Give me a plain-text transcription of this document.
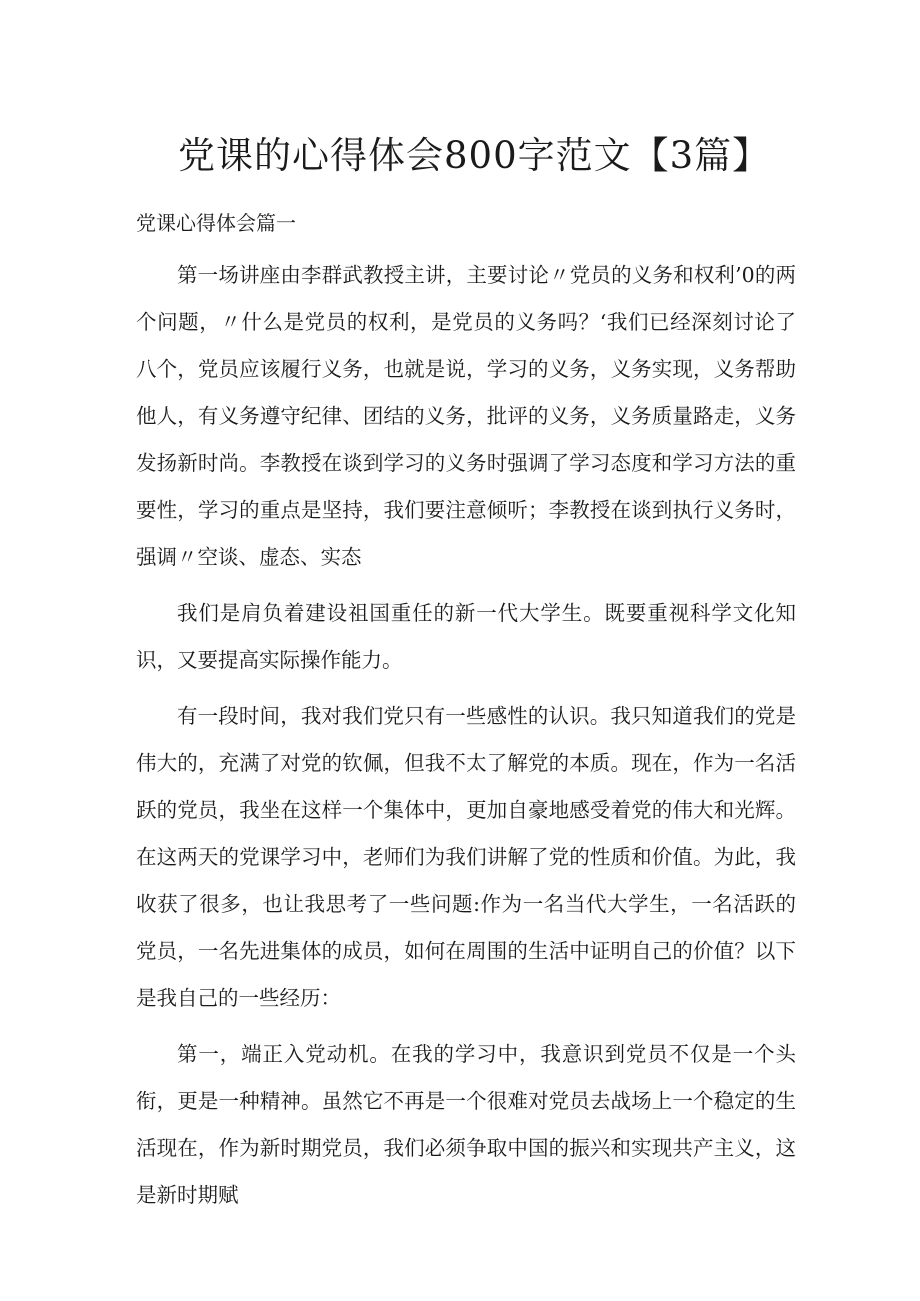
党课的心得体会800字范文【3篇】
党课心得体会篇一

第一场讲座由李群武教授主讲，主要讨论〃党员的义务和权利’0的两个问题，〃什么是党员的权利，是党员的义务吗？‘我们已经深刻讨论了八个，党员应该履行义务，也就是说，学习的义务，义务实现，义务帮助他人，有义务遵守纪律、团结的义务，批评的义务，义务质量路走，义务发扬新时尚。李教授在谈到学习的义务时强调了学习态度和学习方法的重要性，学习的重点是坚持，我们要注意倾听；李教授在谈到执行义务时，强调〃空谈、虚态、实态

我们是肩负着建设祖国重任的新一代大学生。既要重视科学文化知识，又要提高实际操作能力。

有一段时间，我对我们党只有一些感性的认识。我只知道我们的党是伟大的，充满了对党的钦佩，但我不太了解党的本质。现在，作为一名活跃的党员，我坐在这样一个集体中，更加自豪地感受着党的伟大和光辉。在这两天的党课学习中，老师们为我们讲解了党的性质和价值。为此，我收获了很多，也让我思考了一些问题:作为一名当代大学生，一名活跃的党员，一名先进集体的成员，如何在周围的生活中证明自己的价值？以下是我自己的一些经历：

第一，端正入党动机。在我的学习中，我意识到党员不仅是一个头衔，更是一种精神。虽然它不再是一个很难对党员去战场上一个稳定的生活现在，作为新时期党员，我们必须争取中国的振兴和实现共产主义，这是新时期赋
